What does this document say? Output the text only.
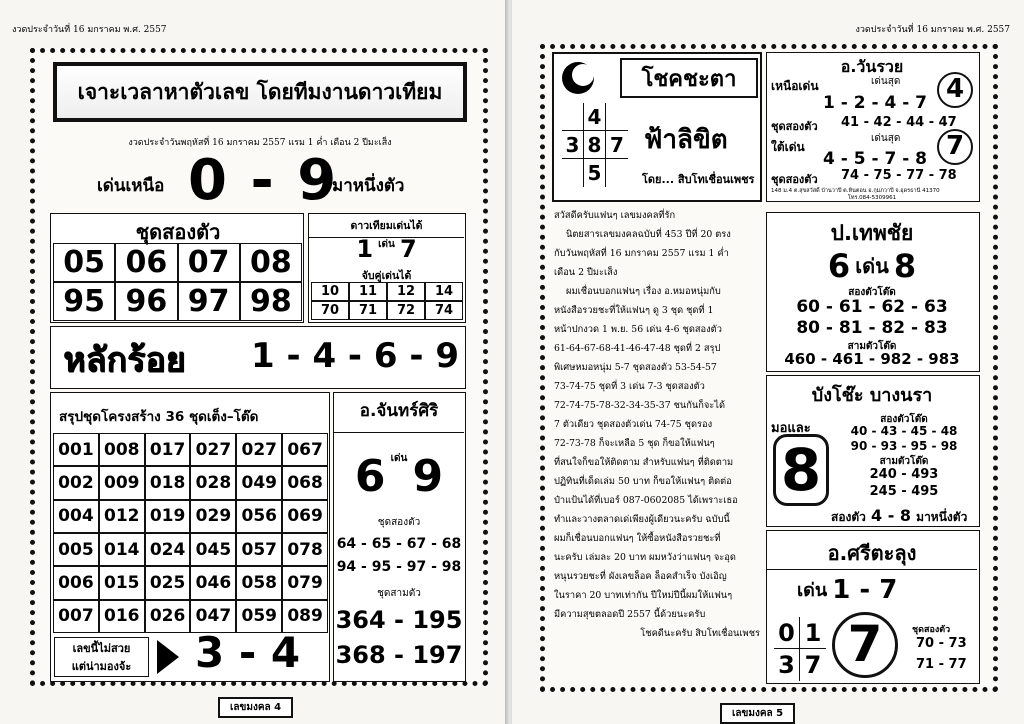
งวดประจำวันที่ 16 มกราคม พ.ศ. 2557
เจาะเวลาหาตัวเลข โดยทีมงานดาวเทียม
งวดประจำวันพฤหัสที่ 16 มกราคม 2557 แรม 1 ค่ำ เดือน 2 ปีมะเส็ง
เด่นเหนือ 0 - 9
มาหนึ่งตัว
ชุดสองตัว
05 06 07 08
95 96 97 98
ดาวเทียมเด่นได้
1 $^{เด่น}$ 7
จับคู่เด่นได้
10	11	12	14
70	71	72	74
หลักร้อย 1 - 4 - 6 - 9
สรุปชุดโครงสร้าง 36 ชุดเต็ง–โต๊ด
001 008 017 027 027 067
002 009 018 028 049 068
004 012 019 029 056 069
005 014 024 045 057 078
006 015 025 046 058 079
007 016 026 047 059 089
เลขนี้ไม่สวย
แต่น่ามองจ้ะ 3 - 4
อ.จันทร์ศิริ
6 $^{เด่น}$ 9
ชุดสองตัว
64 - 65 - 67 - 68
94 - 95 - 97 - 98
ชุดสามตัว
364 - 195
368 - 197
เลขมงคล 4
งวดประจำวันที่ 16 มกราคม พ.ศ. 2557
โชคชะตา
4
3 8 7
5
ฟ้าลิขิต
โดย... สิบโทเชื่อนเพชร
อ.วันรวย
เหนือเด่น	เด่นสุด	4
1 - 2 - 4 - 7
ชุดสองตัว 41 - 42 - 44 - 47
เด่นสุด
ใต้เด่น	7
4 - 5 - 7 - 8
ชุดสองตัว 74 - 75 - 77 - 78
148 ม.4 ต.สุขสวัสดิ์ บ้านวาปี ต.หินตอน อ.กุมภวาปี จ.อุดรธานี 41370
โทร.084-5309961
สวัสดีครับแฟนๆ เลขมงคลที่รัก
นิตยสารเลขมงคลฉบับที่ 453 ปีที่ 20 ตรง
กับวันพฤหัสที่ 16 มกราคม 2557 แรม 1 ค่ำ
เดือน 2 ปีมะเส็ง
ผมเชื่อนบอกแฟนๆ เรื่อง อ.หมอหนุ่มกับ
หนังสือรวยชะที่ให้แฟนๆ ดู 3 ชุด ชุดที่ 1
หน้าปกงวด 1 พ.ย. 56 เด่น 4-6 ชุดสองตัว
61-64-67-68-41-46-47-48 ชุดที่ 2 สรุป
พิเศษหมอหนุ่ม 5-7 ชุดสองตัว 53-54-57
73-74-75 ชุดที่ 3 เด่น 7-3 ชุดสองตัว
72-74-75-78-32-34-35-37 ชนกันก็จะได้
7 ตัวเดียว ชุดสองตัวเด่น 74-75 ชุดรอง
72-73-78 ก็จะเหลือ 5 ชุด ก็ขอให้แฟนๆ
ที่สนใจก็ขอให้ติดตาม สำหรับแฟนๆ ที่ติดตาม
ปฏิทินที่เด็ดเล่ม 50 บาท ก็ขอให้แฟนๆ ติดต่อ
ป๋าแป้นได้ที่เบอร์ 087-0602085 ได้เพราะเธอ
ทำและวางตลาดเด่เพียงผู้เดียวนะครับ ฉบับนี้
ผมก็เชื่อนบอกแฟนๆ ให้ซื้อหนังสือรวยชะที่
นะครับ เล่มละ 20 บาท ผมหวังว่าแฟนๆ จะอุด
หนุนรวยชะที่ ผังเลขล็อค ล็อคสำเร็จ บังเอิญ
ในราคา 20 บาทเท่ากัน ปีใหม่ปีนี้ผมให้แฟนๆ
มีความสุขตลอดปี 2557 นี้ด้วยนะครับ
โชคดีนะครับ สิบโทเชื่อนเพชร
ป.เทพชัย
6 เด่น 8
สองตัวโต๊ด
60 - 61 - 62 - 63
80 - 81 - 82 - 83
สามตัวโต๊ด
460 - 461 - 982 - 983
บังโช๊ะ บางนรา
มอและ
8
สองตัวโต๊ด
40 - 43 - 45 - 48
90 - 93 - 95 - 98
สามตัวโต๊ด
240 - 493
245 - 495
สองตัว 4 - 8 มาหนึ่งตัว
อ.ศรีตะลุง
เด่น 1 - 7
0 1
3 7 7	ชุดสองตัว
70 - 73
71 - 77
เลขมงคล 5
